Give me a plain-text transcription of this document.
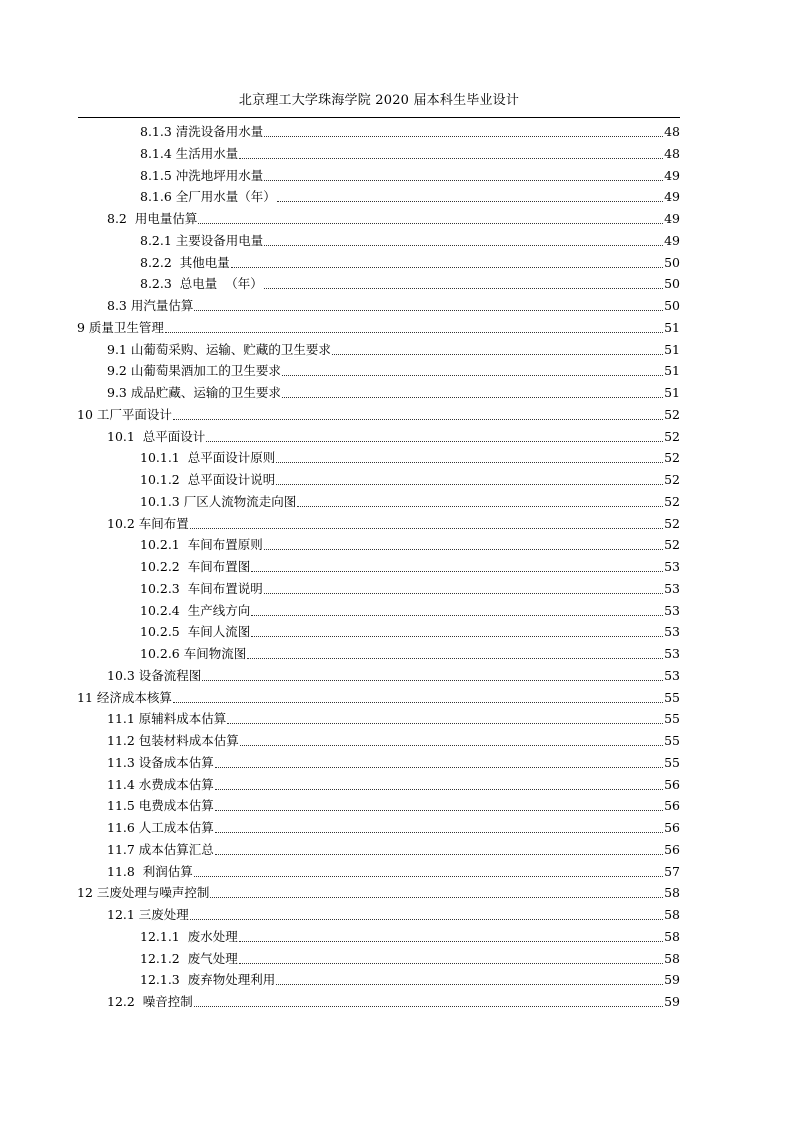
北京理工大学珠海学院 2020 届本科生毕业设计
8.1.3 清洗设备用水量	48
8.1.4 生活用水量	48
8.1.5 冲洗地坪用水量	49
8.1.6 全厂用水量（年）	49
8.2  用电量估算	49
8.2.1 主要设备用电量	49
8.2.2  其他电量	50
8.2.3  总电量  （年）	50
8.3 用汽量估算	50
9 质量卫生管理	51
9.1 山葡萄采购、运输、贮藏的卫生要求	51
9.2 山葡萄果酒加工的卫生要求	51
9.3 成品贮藏、运输的卫生要求	51
10 工厂平面设计	52
10.1  总平面设计	52
10.1.1  总平面设计原则	52
10.1.2  总平面设计说明	52
10.1.3 厂区人流物流走向图	52
10.2 车间布置	52
10.2.1  车间布置原则	52
10.2.2  车间布置图	53
10.2.3  车间布置说明	53
10.2.4  生产线方向	53
10.2.5  车间人流图	53
10.2.6 车间物流图	53
10.3 设备流程图	53
11 经济成本核算	55
11.1 原辅料成本估算	55
11.2 包装材料成本估算	55
11.3 设备成本估算	55
11.4 水费成本估算	56
11.5 电费成本估算	56
11.6 人工成本估算	56
11.7 成本估算汇总	56
11.8  利润估算	57
12 三废处理与噪声控制	58
12.1 三废处理	58
12.1.1  废水处理	58
12.1.2  废气处理	58
12.1.3  废弃物处理利用	59
12.2  噪音控制	59
